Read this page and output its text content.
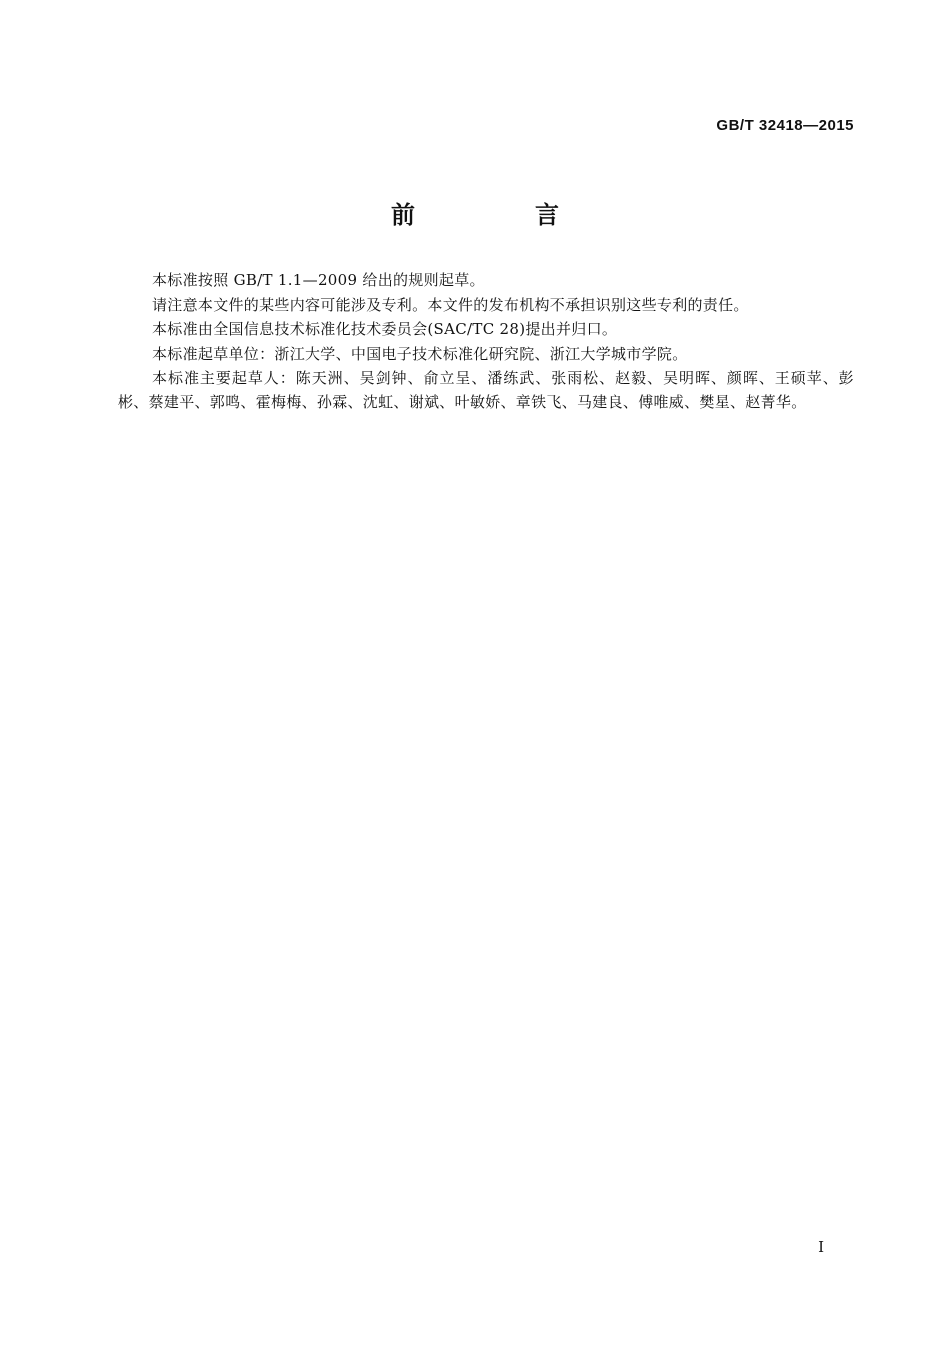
GB/T 32418—2015
前　言

本标准按照 GB/T 1.1—2009 给出的规则起草。

请注意本文件的某些内容可能涉及专利。本文件的发布机构不承担识别这些专利的责任。

本标准由全国信息技术标准化技术委员会(SAC/TC 28)提出并归口。

本标准起草单位：浙江大学、中国电子技术标准化研究院、浙江大学城市学院。

本标准主要起草人：陈天洲、吴剑钟、俞立呈、潘练武、张雨松、赵毅、吴明晖、颜晖、王硕苹、彭彬、蔡建平、郭鸣、霍梅梅、孙霖、沈虹、谢斌、叶敏娇、章铁飞、马建良、傅唯威、樊星、赵菁华。

I
